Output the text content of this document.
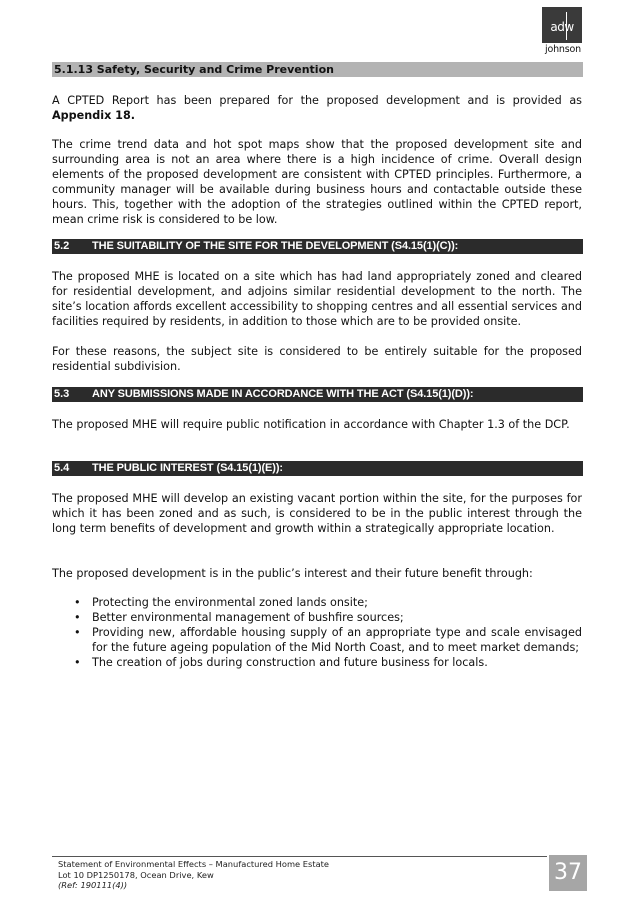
adw
johnson
5.1.13 Safety, Security and Crime Prevention

A CPTED Report has been prepared for the proposed development and is provided as Appendix 18.

The crime trend data and hot spot maps show that the proposed development site and surrounding area is not an area where there is a high incidence of crime. Overall design elements of the proposed development are consistent with CPTED principles. Furthermore, a community manager will be available during business hours and contactable outside these hours. This, together with the adoption of the strategies outlined within the CPTED report, mean crime risk is considered to be low.

5.2 THE SUITABILITY OF THE SITE FOR THE DEVELOPMENT (S4.15(1)(C)):

The proposed MHE is located on a site which has had land appropriately zoned and cleared for residential development, and adjoins similar residential development to the north. The site’s location affords excellent accessibility to shopping centres and all essential services and facilities required by residents, in addition to those which are to be provided onsite.

For these reasons, the subject site is considered to be entirely suitable for the proposed residential subdivision.

5.3 ANY SUBMISSIONS MADE IN ACCORDANCE WITH THE ACT (S4.15(1)(D)):

The proposed MHE will require public notification in accordance with Chapter 1.3 of the DCP.

5.4 THE PUBLIC INTEREST (S4.15(1)(E)):

The proposed MHE will develop an existing vacant portion within the site, for the purposes for which it has been zoned and as such, is considered to be in the public interest through the long term benefits of development and growth within a strategically appropriate location.

The proposed development is in the public’s interest and their future benefit through:

• Protecting the environmental zoned lands onsite;
• Better environmental management of bushfire sources;
• Providing new, affordable housing supply of an appropriate type and scale envisaged for the future ageing population of the Mid North Coast, and to meet market demands;
• The creation of jobs during construction and future business for locals.
Statement of Environmental Effects – Manufactured Home Estate
Lot 10 DP1250178, Ocean Drive, Kew
(Ref: 190111(4))	37
